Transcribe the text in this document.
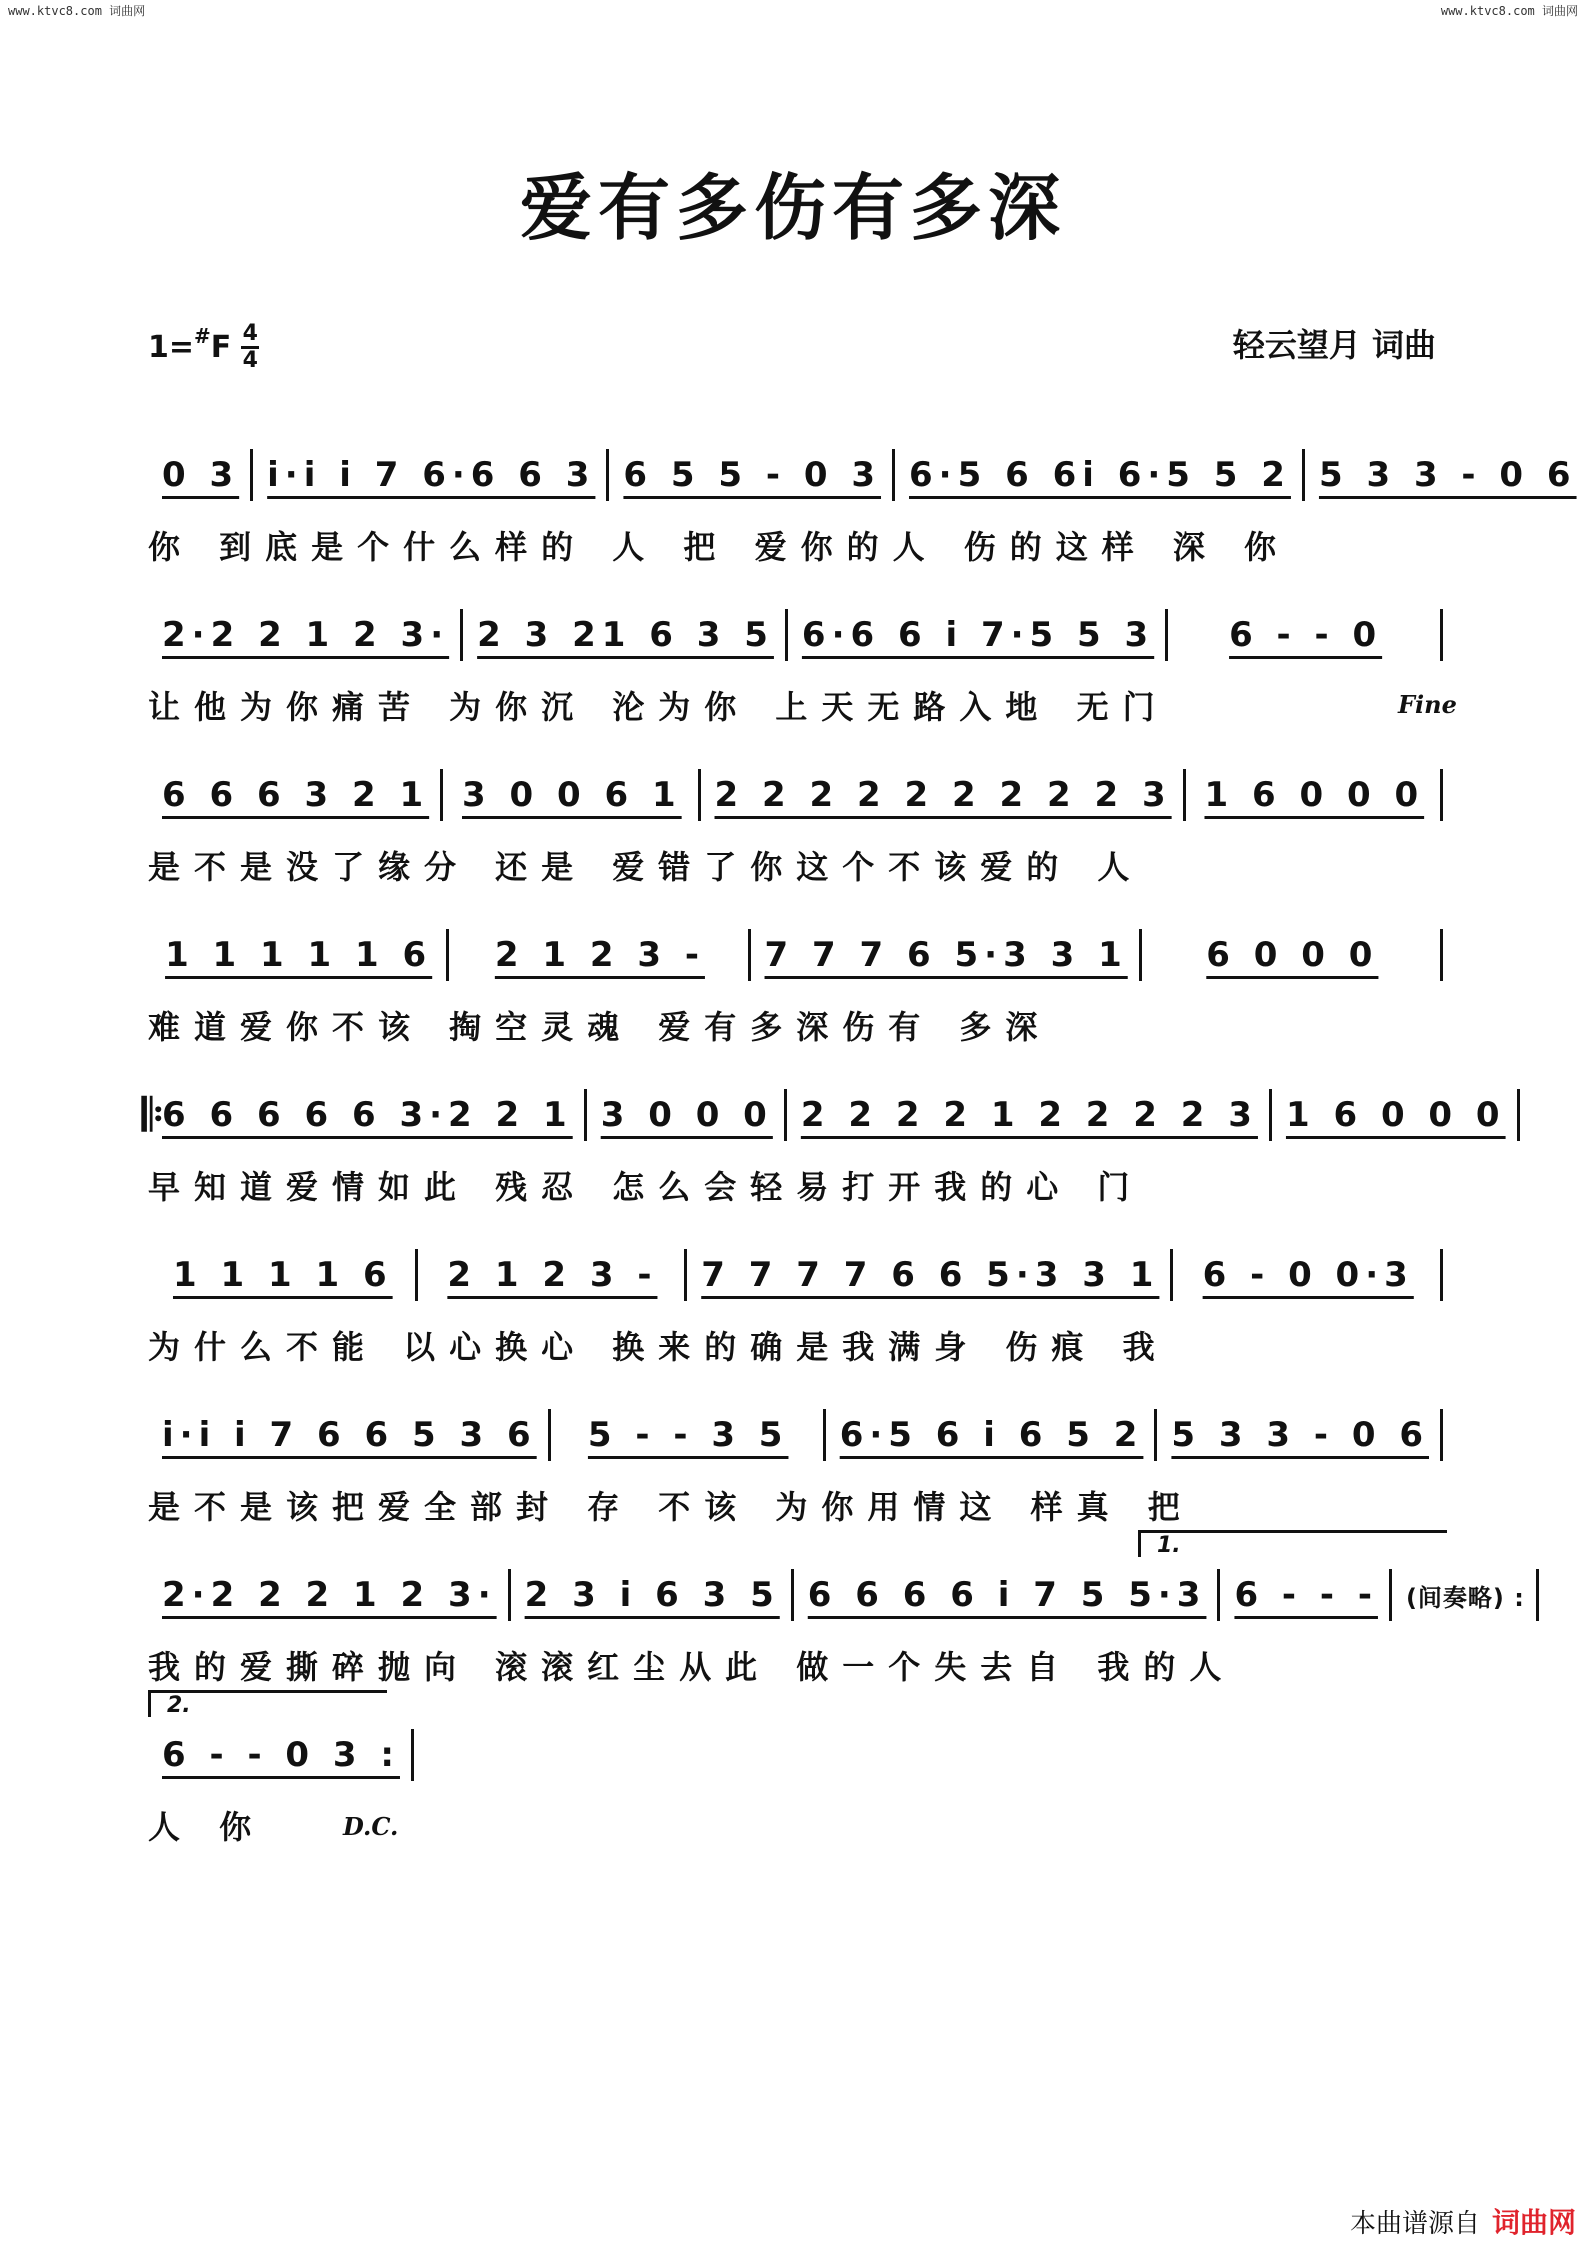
www.ktvc8.com 词曲网	www.ktvc8.com 词曲网
爱有多伤有多深
1= # F $\frac{4}{4}$	轻云望月 词曲
0 3 i·i i 7 6·6 6 3 6 5 5 - 0 3 6·5 6 6i 6·5 5 2 5 3 3 - 0 6
你 到底是个什么样的 人 把 爱你的人 伤的这样 深 你
2·2 2 1 2 3· 2 3 21 6 3 5 6·6 6 i 7·5 5 3 6 - - 0
让他为你痛苦 为你沉 沦为你 上天无路入地 无门	Fine
6 6 6 3 2 1 3 0 0 6 1 2 2 2 2 2 2 2 2 2 3 1 6 0 0 0
是不是没了缘分 还是 爱错了你这个不该爱的 人
1 1 1 1 1 6 2 1 2 3 - 7 7 7 6 5·3 3 1 6 0 0 0
难道爱你不该 掏空灵魂 爱有多深伤有 多深
6 6 6 6 6 3·2 2 1 3 0 0 0 2 2 2 2 1 2 2 2 2 3 1 6 0 0 0
𝄆
早知道爱情如此 残忍 怎么会轻易打开我的心 门
1 1 1 1 6 2 1 2 3 - 7 7 7 7 6 6 5·3 3 1 6 - 0 0·3
为什么不能 以心换心 换来的确是我满身 伤痕 我
i·i i 7 6 6 5 3 6 5 - - 3 5 6·5 6 i 6 5 2 5 3 3 - 0 6
是不是该把爱全部封 存 不该 为你用情这 样真 把
2·2 2 2 1 2 3· 2 3 i 6 3 5 6 6 6 6 i 7 5 5·3 6 - - - (间奏略) :
1.
我的爱撕碎抛向 滚滚红尘从此 做一个失去自 我的人
6 - - 0 3 :
2.
人 你	D.C.
本曲谱源自 词曲网
